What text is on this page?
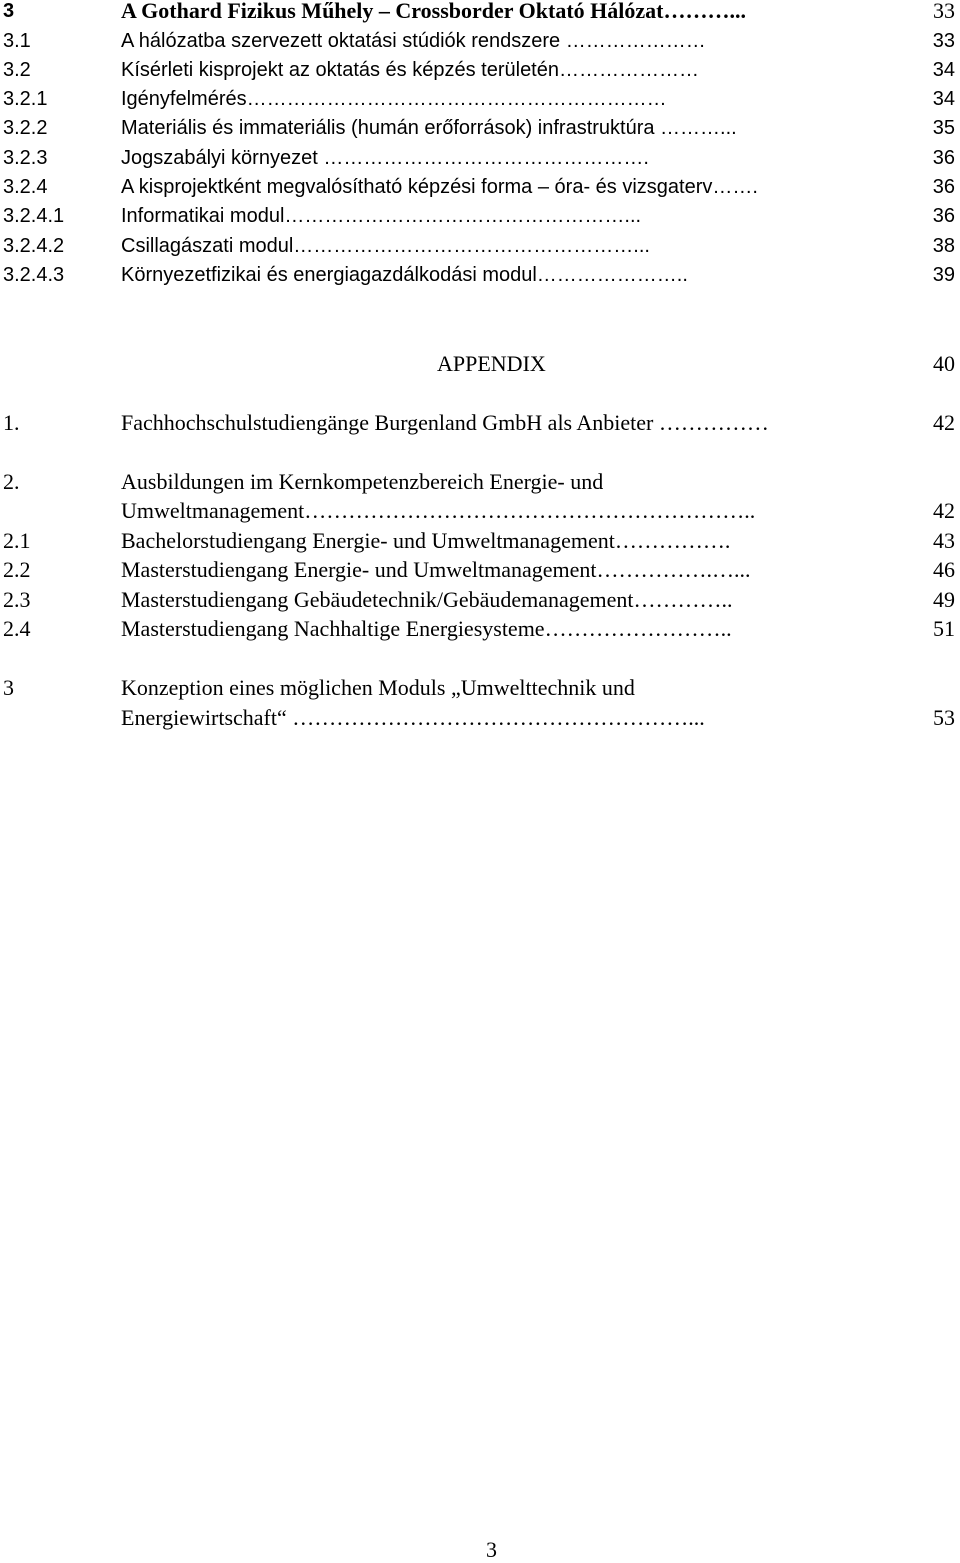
3	A Gothard Fizikus Műhely – Crossborder Oktató Hálózat………...	33
3.1	A hálózatba szervezett oktatási stúdiók rendszere …………………	33
3.2	Kísérleti kisprojekt az oktatás és képzés területén…………………	34
3.2.1	Igényfelmérés………………………………………………………	34
3.2.2	Materiális és immateriális (humán erőforrások) infrastruktúra ………...	35
3.2.3	Jogszabályi környezet ………………………………………….	36
3.2.4	A kisprojektként megvalósítható képzési forma – óra- és vizsgaterv…….	36
3.2.4.1	Informatikai modul……………………………………………...	36
3.2.4.2	Csillagászati modul……………………………………………...	38
3.2.4.3	Környezetfizikai és energiagazdálkodási modul…………………..	39
APPENDIX	40
1.	Fachhochschulstudiengänge Burgenland GmbH als Anbieter ……………	42
2.	Ausbildungen im Kernkompetenzbereich Energie- und
Umweltmanagement……………………………………………………..	42
2.1	Bachelorstudiengang Energie- und Umweltmanagement…………….	43
2.2	Masterstudiengang Energie- und Umweltmanagement…………….…...	46
2.3	Masterstudiengang Gebäudetechnik/Gebäudemanagement…………..	49
2.4	Masterstudiengang Nachhaltige Energiesysteme……………………..	51
3	Konzeption eines möglichen Moduls „Umwelttechnik und
Energiewirtschaft“ ………………………………………………...	53
3
